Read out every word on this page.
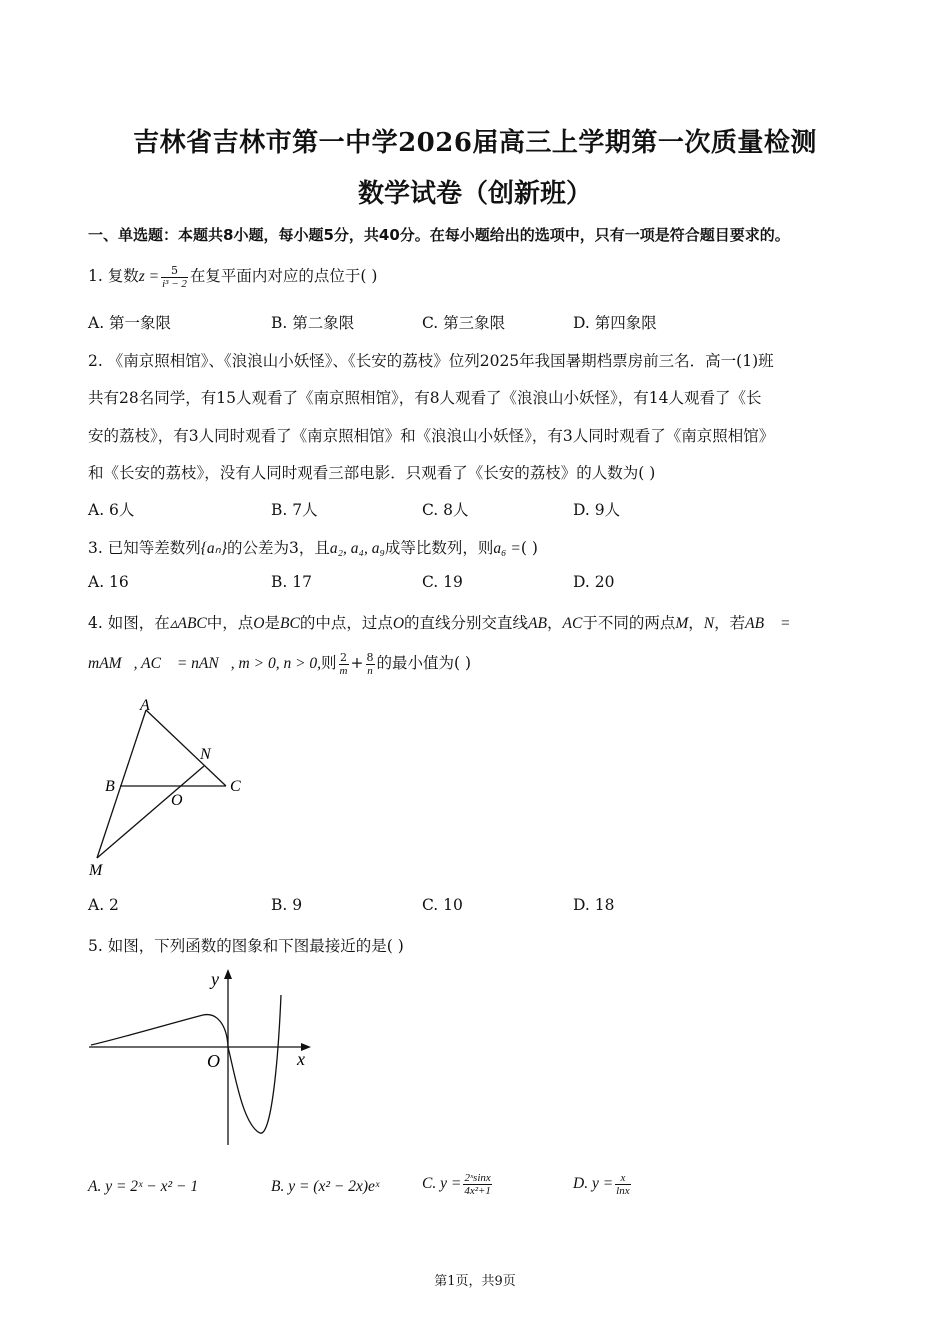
吉林省吉林市第一中学2026届高三上学期第一次质量检测
数学试卷（创新班）
一、单选题：本题共8小题，每小题5分，共40分。在每小题给出的选项中，只有一项是符合题目要求的。
1. 复数$z = \frac{5}{\text{i³ − 2}}$ 在复平面内对应的点位于( )
A. 第一象限	B. 第二象限	C. 第三象限	D. 第四象限
2. 《南京照相馆》、《浪浪山小妖怪》、《长安的荔枝》位列2025年我国暑期档票房前三名．高一(1)班
共有28名同学，有15人观看了《南京照相馆》，有8人观看了《浪浪山小妖怪》，有14人观看了《长
安的荔枝》，有3人同时观看了《南京照相馆》和《浪浪山小妖怪》，有3人同时观看了《南京照相馆》
和《长安的荔枝》，没有人同时观看三部电影．只观看了《长安的荔枝》的人数为( )
A. 6人	B. 7人	C. 8人	D. 9人
3. 已知等差数列{aₙ}的公差为3，且a₂, a₄, a₉成等比数列，则a₆ =( )
A. 16	B. 17	C. 19	D. 20
4. 如图，在▵ABC中，点O是BC的中点，过点O的直线分别交直线AB，AC于不同的两点M，N，若AB⃗ =
mAM⃗, AC⃗ = nAN⃗, m > 0, n > 0,则 $\frac{2}{m} + \frac{8}{n}$ 的最小值为( )
A
N
B
O
C
M
A. 2	B. 9	C. 10	D. 18
5. 如图，下列函数的图象和下图最接近的是( )
y
O	x
A. y = 2ˣ − x² − 1	B. y = (x² − 2x)eˣ	C. $y = \frac{\text{2ˣsinx}}{\text{4x²+1}}$	D. $y = \frac{x}{\ln x}$
第1页，共9页
